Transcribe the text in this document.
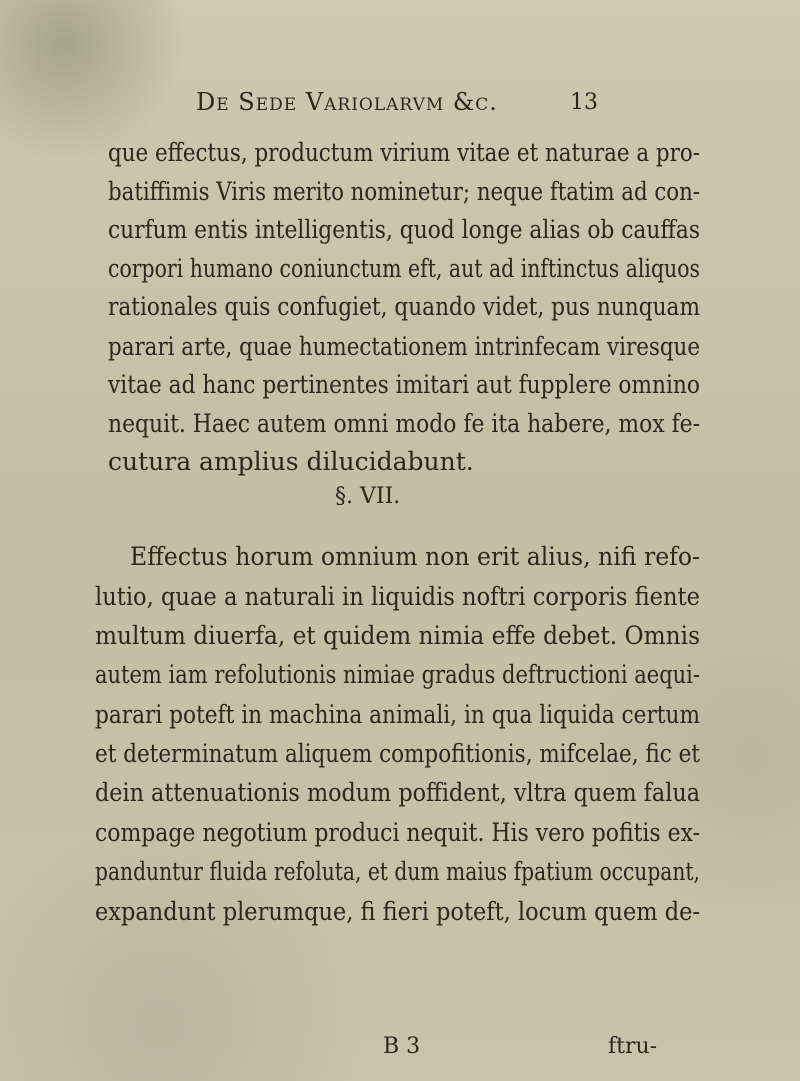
De Sede Variolarvm &c.	13
que effectus, productum virium vitae et naturae a pro-
batiffimis Viris merito nominetur; neque ftatim ad con-
curfum entis intelligentis, quod longe alias ob cauffas
corpori humano coniunctum eft, aut ad inftinctus aliquos
rationales quis confugiet, quando videt, pus nunquam
parari arte, quae humectationem intrinfecam viresque
vitae ad hanc pertinentes imitari aut fupplere omnino
nequit. Haec autem omni modo fe ita habere, mox fe-
cutura amplius dilucidabunt.
§. VII.
Effectus horum omnium non erit alius, nifi refo-
lutio, quae a naturali in liquidis noftri corporis fiente
multum diuerfa, et quidem nimia effe debet. Omnis
autem iam refolutionis nimiae gradus deftructioni aequi-
parari poteft in machina animali, in qua liquida certum
et determinatum aliquem compofitionis, mifcelae, fic et
dein attenuationis modum poffident, vltra quem falua
compage negotium produci nequit. His vero pofitis ex-
panduntur fluida refoluta, et dum maius fpatium occupant,
expandunt plerumque, fi fieri poteft, locum quem de-
B 3	ftru-
